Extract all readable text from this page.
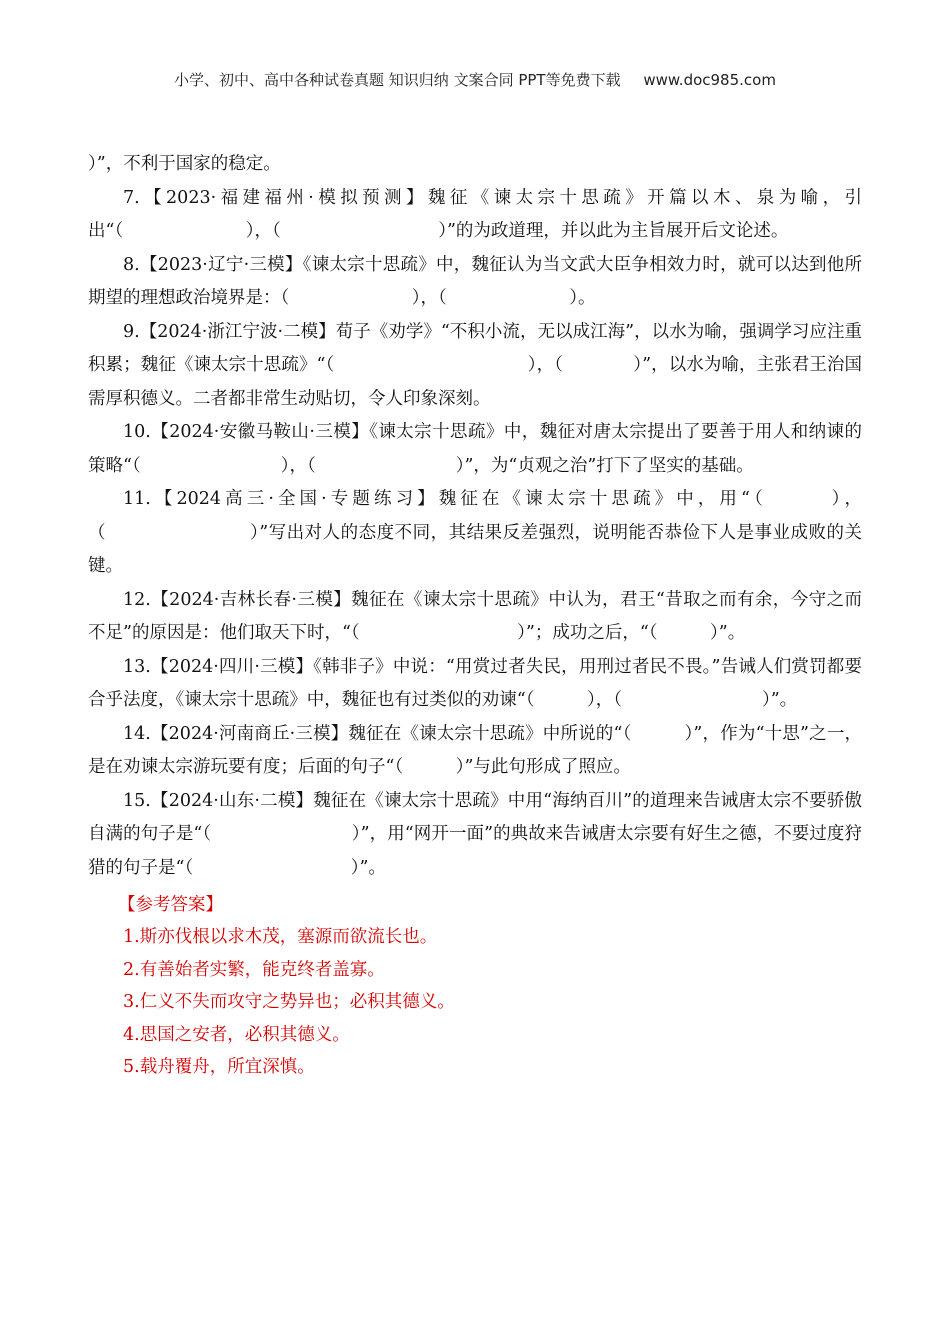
小学、初中、高中各种试卷真题 知识归纳 文案合同 PPT等免费下载 www.doc985.com

）”，不利于国家的稳定。

7.【2023·福建福州·模拟预测】魏征《谏太宗十思疏》开篇以木、泉为喻，引出“（　　　　　　　），（　　　　　　　　　）”的为政道理，并以此为主旨展开后文论述。

8.【2023·辽宁·三模】《谏太宗十思疏》中，魏征认为当文武大臣争相效力时，就可以达到他所期望的理想政治境界是：（　　　　　　　），（　　　　　　　）。

9.【2024·浙江宁波·二模】荀子《劝学》“不积小流，无以成江海”，以水为喻，强调学习应注重积累；魏征《谏太宗十思疏》“（　　　　　　　　　　　），（　　　　）”，以水为喻，主张君王治国需厚积德义。二者都非常生动贴切，令人印象深刻。

10.【2024·安徽马鞍山·三模】《谏太宗十思疏》中，魏征对唐太宗提出了要善于用人和纳谏的策略“（　　　　　　　　），（　　　　　　　　）”，为“贞观之治”打下了坚实的基础。

11.【2024高三·全国·专题练习】魏征在《谏太宗十思疏》中，用“（　　　），（　　　　　　　　）”写出对人的态度不同，其结果反差强烈，说明能否恭俭下人是事业成败的关键。

12.【2024·吉林长春·三模】魏征在《谏太宗十思疏》中认为，君王“昔取之而有余，今守之而不足”的原因是：他们取天下时，“（　　　　　　　　　）”；成功之后，“（　　　）”。

13.【2024·四川·三模】《韩非子》中说：“用赏过者失民，用刑过者民不畏。”告诫人们赏罚都要合乎法度，《谏太宗十思疏》中，魏征也有过类似的劝谏“（　　　），（　　　　　　　　）”。

14.【2024·河南商丘·三模】魏征在《谏太宗十思疏》中所说的“（　　　）”，作为“十思”之一，是在劝谏太宗游玩要有度；后面的句子“（　　　）”与此句形成了照应。

15.【2024·山东·二模】魏征在《谏太宗十思疏》中用“海纳百川”的道理来告诫唐太宗不要骄傲自满的句子是“（　　　　　　　　）”，用“网开一面”的典故来告诫唐太宗要有好生之德，不要过度狩猎的句子是“（　　　　　　　　　）”。

【参考答案】
1.斯亦伐根以求木茂，塞源而欲流长也。
2.有善始者实繁，能克终者盖寡。
3.仁义不失而攻守之势异也；必积其德义。
4.思国之安者，必积其德义。
5.载舟覆舟，所宜深慎。
